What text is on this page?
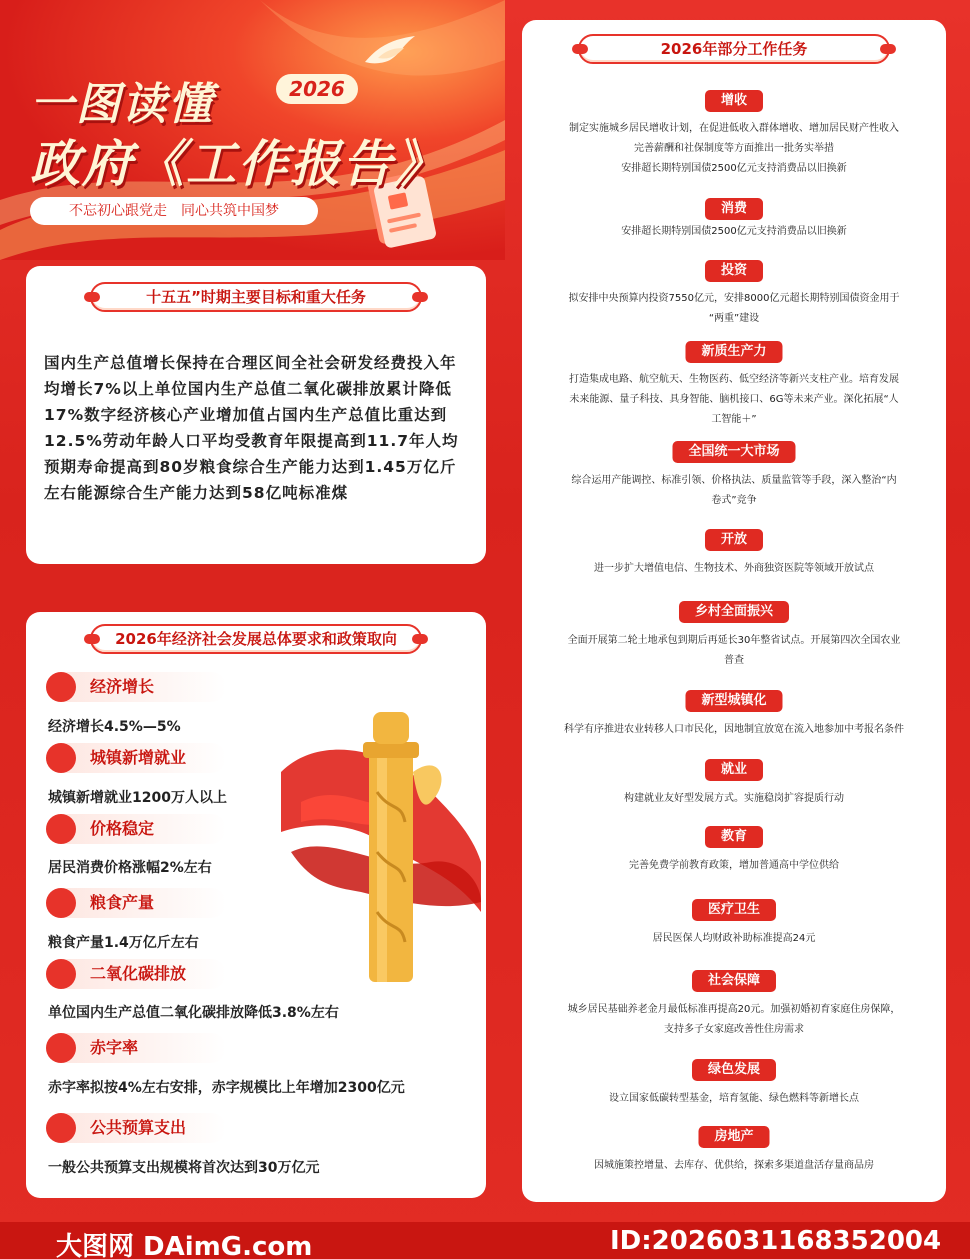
一图读懂	2026
政府《工作报告》
不忘初心跟党走　同心共筑中国梦
十五五”时期主要目标和重大任务
国内生产总值增长保持在合理区间全社会研发经费投入年均增长7%以上单位国内生产总值二氧化碳排放累计降低17%数字经济核心产业增加值占国内生产总值比重达到12.5%劳动年龄人口平均受教育年限提高到11.7年人均预期寿命提高到80岁粮食综合生产能力达到1.45万亿斤左右能源综合生产能力达到58亿吨标准煤
2026年经济社会发展总体要求和政策取向
经济增长
经济增长4.5%—5%
城镇新增就业
城镇新增就业1200万人以上
价格稳定
居民消费价格涨幅2%左右
粮食产量
粮食产量1.4万亿斤左右
二氧化碳排放
单位国内生产总值二氧化碳排放降低3.8%左右
赤字率
赤字率拟按4%左右安排，赤字规模比上年增加2300亿元
公共预算支出
一般公共预算支出规模将首次达到30万亿元
2026年部分工作任务
增收
制定实施城乡居民增收计划，在促进低收入群体增收、增加居民财产性收入
完善薪酬和社保制度等方面推出一批务实举措
安排超长期特别国债2500亿元支持消费品以旧换新
消费
安排超长期特别国债2500亿元支持消费品以旧换新
投资
拟安排中央预算内投资7550亿元，安排8000亿元超长期特别国债资金用于
“两重”建设
新质生产力
打造集成电路、航空航天、生物医药、低空经济等新兴支柱产业。培育发展
未来能源、量子科技、具身智能、脑机接口、6G等未来产业。深化拓展“人
工智能＋”
全国统一大市场
综合运用产能调控、标准引领、价格执法、质量监管等手段，深入整治“内
卷式”竞争
开放
进一步扩大增值电信、生物技术、外商独资医院等领域开放试点
乡村全面振兴
全面开展第二轮土地承包到期后再延长30年整省试点。开展第四次全国农业
普查
新型城镇化
科学有序推进农业转移人口市民化，因地制宜放宽在流入地参加中考报名条件
就业
构建就业友好型发展方式。实施稳岗扩容提质行动
教育
完善免费学前教育政策，增加普通高中学位供给
医疗卫生
居民医保人均财政补助标准提高24元
社会保障
城乡居民基础养老金月最低标准再提高20元。加强初婚初育家庭住房保障，
支持多子女家庭改善性住房需求
绿色发展
设立国家低碳转型基金，培育氢能、绿色燃料等新增长点
房地产
因城施策控增量、去库存、优供给，探索多渠道盘活存量商品房
大图网 DAimG.com	ID:20260311683520​04
